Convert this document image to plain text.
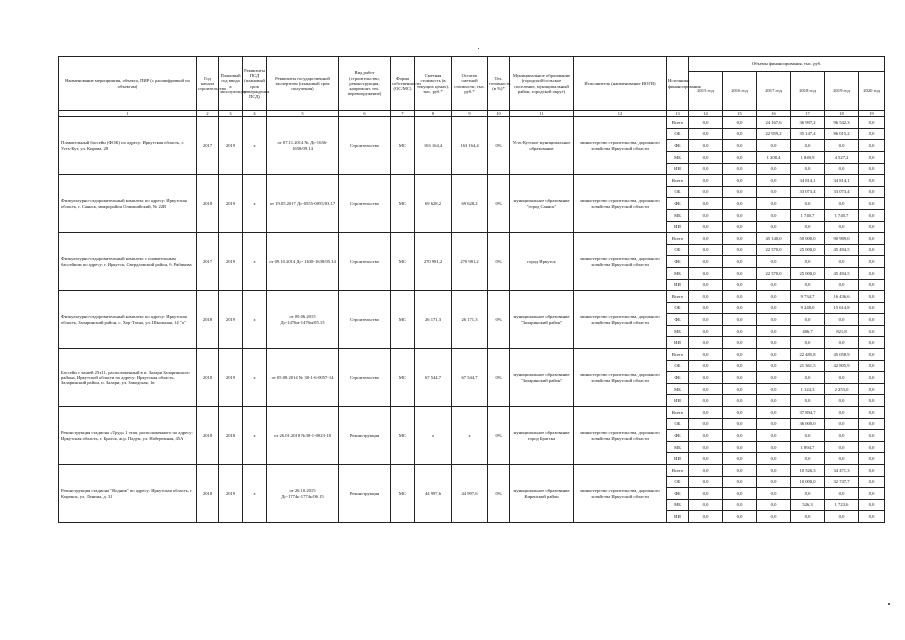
Наименование мероприятия, объекта, ПИР (с расшифровкой по объектам)	Год начала строительства	Плановый год ввода в эксплуатацию	Реквизиты ПСД (плановый срок утверждения ПСД)	Реквизиты государственной экспертизы (плановый срок получения)	Вид работ (строительство, реконструкция, капремонт, тех. перевооружение)	Форма собственности (ОС/МС)	Сметная стоимость (в текущих ценах), тыс. руб.*	Остаток сметной стоимости, тыс. руб.*	Тех. готовность (в %)*	Муниципальное образование (городской/сельское поселение, муниципальный район, городской округ)	Исполнитель (наименование ИОГВ)	Источники финансирования	Объемы финансирования, тыс. руб.					
													2015 год	2016 год	2017 год	2018 год	2019 год	2020 год
1	2	3	4	5	6	7	8	9	10	11	12	13	14	15	16	17	18	19
Плавательный бассейн (ФОК) по адресу: Иркутская область, г. Усть-Кут, ул. Кирова, 28	2017	2019	x	от 07.11.2014 № Дс-1636-1658/09.14	Строительство	МС	163 164,4	163 164,4	0%	Усть-Кутское муниципальное образование	министерство строительства, дорожного хозяйства Иркутской области	Всего	0,0	0,0	24 167,6	36 997,2	96 542,3	0,0
												ОБ	0,0	0,0	22 959,2	35 147,4	86 015,2	0,0
												ФБ	0,0	0,0	0,0	0,0	0,0	0,0
												МБ	0,0	0,0	1 208,4	1 849,9	4 527,2	0,0
												ИИ	0,0	0,0	0,0	0,0	0,0	0,0
Физкультурно-оздоровительный комплекс по адресу: Иркутская область, г. Саянск, микрорайон Олимпийский, № 22В	2018	2019	x	от 19.05.2017 Дс-0555-0055/03.17	Строительство	МС	69 628,2	69 628,2	0%	муниципальное образование "город Саянск"	министерство строительства, дорожного хозяйства Иркутской области	Всего	0,0	0,0	0,0	34 814,1	34 814,1	0,0
												ОБ	0,0	0,0	0,0	33 073,4	33 073,4	0,0
												ФБ	0,0	0,0	0,0	0,0	0,0	0,0
												МБ	0,0	0,0	0,0	1 740,7	1 740,7	0,0
												ИИ	0,0	0,0	0,0	0,0	0,0	0,0
Физкультурно-оздоровительный комплекс с плавательным бассейном по адресу: г. Иркутск, Свердловский район, б. Рябикова	2017	2019	x	от 09.10.2014 Дс- 1638-1638/05.14	Строительство	МС	270 981,2	270 981,2	0%	город Иркутск	министерство строительства, дорожного хозяйства Иркутской области	Всего	0,0	0,0	45 140,0	50 000,0	90 989,0	0,0
												ОБ	0,0	0,0	22 570,0	25 000,0	45 494,5	0,0
												ФБ	0,0	0,0	0,0	0,0	0,0	0,0
												МБ	0,0	0,0	22 570,0	25 000,0	45 494,5	0,0
												ИИ	0,0	0,0	0,0	0,0	0,0	0,0
Физкультурно-оздоровительный комплекс по адресу: Иркутская область, Заларинский район, с. Хор-Тагна, ул. Школьная, 14 "а"	2018	2019	x	от 09.06.2015 Дс-1476м-1476м/05.15	Строительство	МС	26 171,3	26 171,3	0%	муниципальное образование "Заларинский район"	министерство строительства, дорожного хозяйства Иркутской области	Всего	0,0	0,0	0,0	9 734,7	16 436,6	0,0
												ОБ	0,0	0,0	0,0	9 248,0	15 614,8	0,0
												ФБ	0,0	0,0	0,0	0,0	0,0	0,0
												МБ	0,0	0,0	0,0	486,7	821,8	0,0
												ИИ	0,0	0,0	0,0	0,0	0,0	0,0
Бассейн с чашей 25x11, расположенный в п. Залари Заларинского района, Иркутской области по адресу: Иркутская область, Заларинский район, п. Залари, ул. Заводская, 1в	2018	2019	x	от 05.08.2014 № 38-1-6-0057-14	Строительство	МС	67 544,7	67 544,7	0%	муниципальное образование "Заларинский район"	министерство строительства, дорожного хозяйства Иркутской области	Всего	0,0	0,0	0,0	22 485,8	45 058,9	0,0
												ОБ	0,0	0,0	0,0	21 361,5	42 805,9	0,0
												ФБ	0,0	0,0	0,0	0,0	0,0	0,0
												МБ	0,0	0,0	0,0	1 124,3	2 253,0	0,0
												ИИ	0,0	0,0	0,0	0,0	0,0	0,0
Реконструкция стадиона «Труд» 1 этап, расположенного по адресу: Иркутская область, г. Братск, ж.р. Падун, ул. Набережная, 45А	2018	2018	x	от 26.01.2018 №38-1-0023-18	Реконструкция	МС	x	x	0%	муниципальное образование город Братска	министерство строительства, дорожного хозяйства Иркутской области	Всего	0,0	0,0	0,0	37 894,7	0,0	0,0
												ОБ	0,0	0,0	0,0	36 000,0	0,0	0,0
												ФБ	0,0	0,0	0,0	0,0	0,0	0,0
												МБ	0,0	0,0	0,0	1 894,7	0,0	0,0
												ИИ	0,0	0,0	0,0	0,0	0,0	0,0
Реконструкция стадиона "Водник" по адресу: Иркутская область, г. Киренск, ул. Ленина, д. 31	2018	2019	x	от 26.10.2015 Дс-1774ь-1774ь/06.15	Реконструкция	МС	44 997,6	44 997,6	0%	муниципальное образование Киренский район	министерство строительства, дорожного хозяйства Иркутской области	Всего	0,0	0,0	0,0	10 526,3	34 471,3	0,0
												ОБ	0,0	0,0	0,0	10 000,0	32 747,7	0,0
												ФБ	0,0	0,0	0,0	0,0	0,0	0,0
												МБ	0,0	0,0	0,0	526,3	1 723,6	0,0
												ИИ	0,0	0,0	0,0	0,0	0,0	0,0
